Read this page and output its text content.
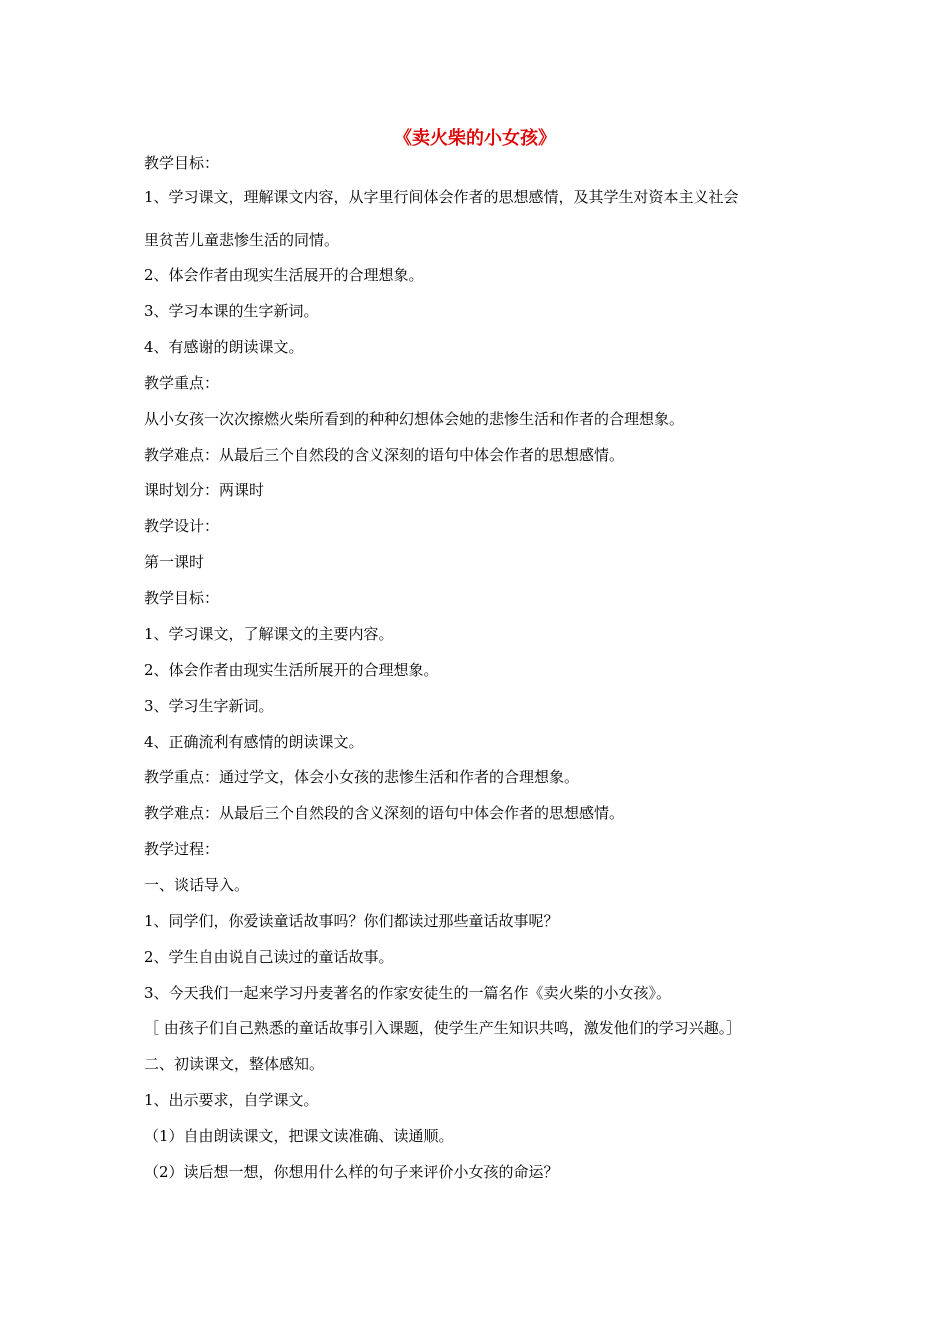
《卖火柴的小女孩》
教学目标：
1、学习课文，理解课文内容，从字里行间体会作者的思想感情，及其学生对资本主义社会
里贫苦儿童悲惨生活的同情。
2、体会作者由现实生活展开的合理想象。
3、学习本课的生字新词。
4、有感谢的朗读课文。
教学重点：
从小女孩一次次擦燃火柴所看到的种种幻想体会她的悲惨生活和作者的合理想象。
教学难点：从最后三个自然段的含义深刻的语句中体会作者的思想感情。
课时划分：两课时
教学设计：
第一课时
教学目标：
1、学习课文，了解课文的主要内容。
2、体会作者由现实生活所展开的合理想象。
3、学习生字新词。
4、正确流利有感情的朗读课文。
教学重点：通过学文，体会小女孩的悲惨生活和作者的合理想象。
教学难点：从最后三个自然段的含义深刻的语句中体会作者的思想感情。
教学过程：
一、谈话导入。
1、同学们，你爱读童话故事吗？你们都读过那些童话故事呢？
2、学生自由说自己读过的童话故事。
3、今天我们一起来学习丹麦著名的作家安徒生的一篇名作《卖火柴的小女孩》。
［ 由孩子们自己熟悉的童话故事引入课题，使学生产生知识共鸣，激发他们的学习兴趣。］
二、初读课文，整体感知。
1、出示要求，自学课文。
（1）自由朗读课文，把课文读准确、读通顺。
（2）读后想一想，你想用什么样的句子来评价小女孩的命运？
